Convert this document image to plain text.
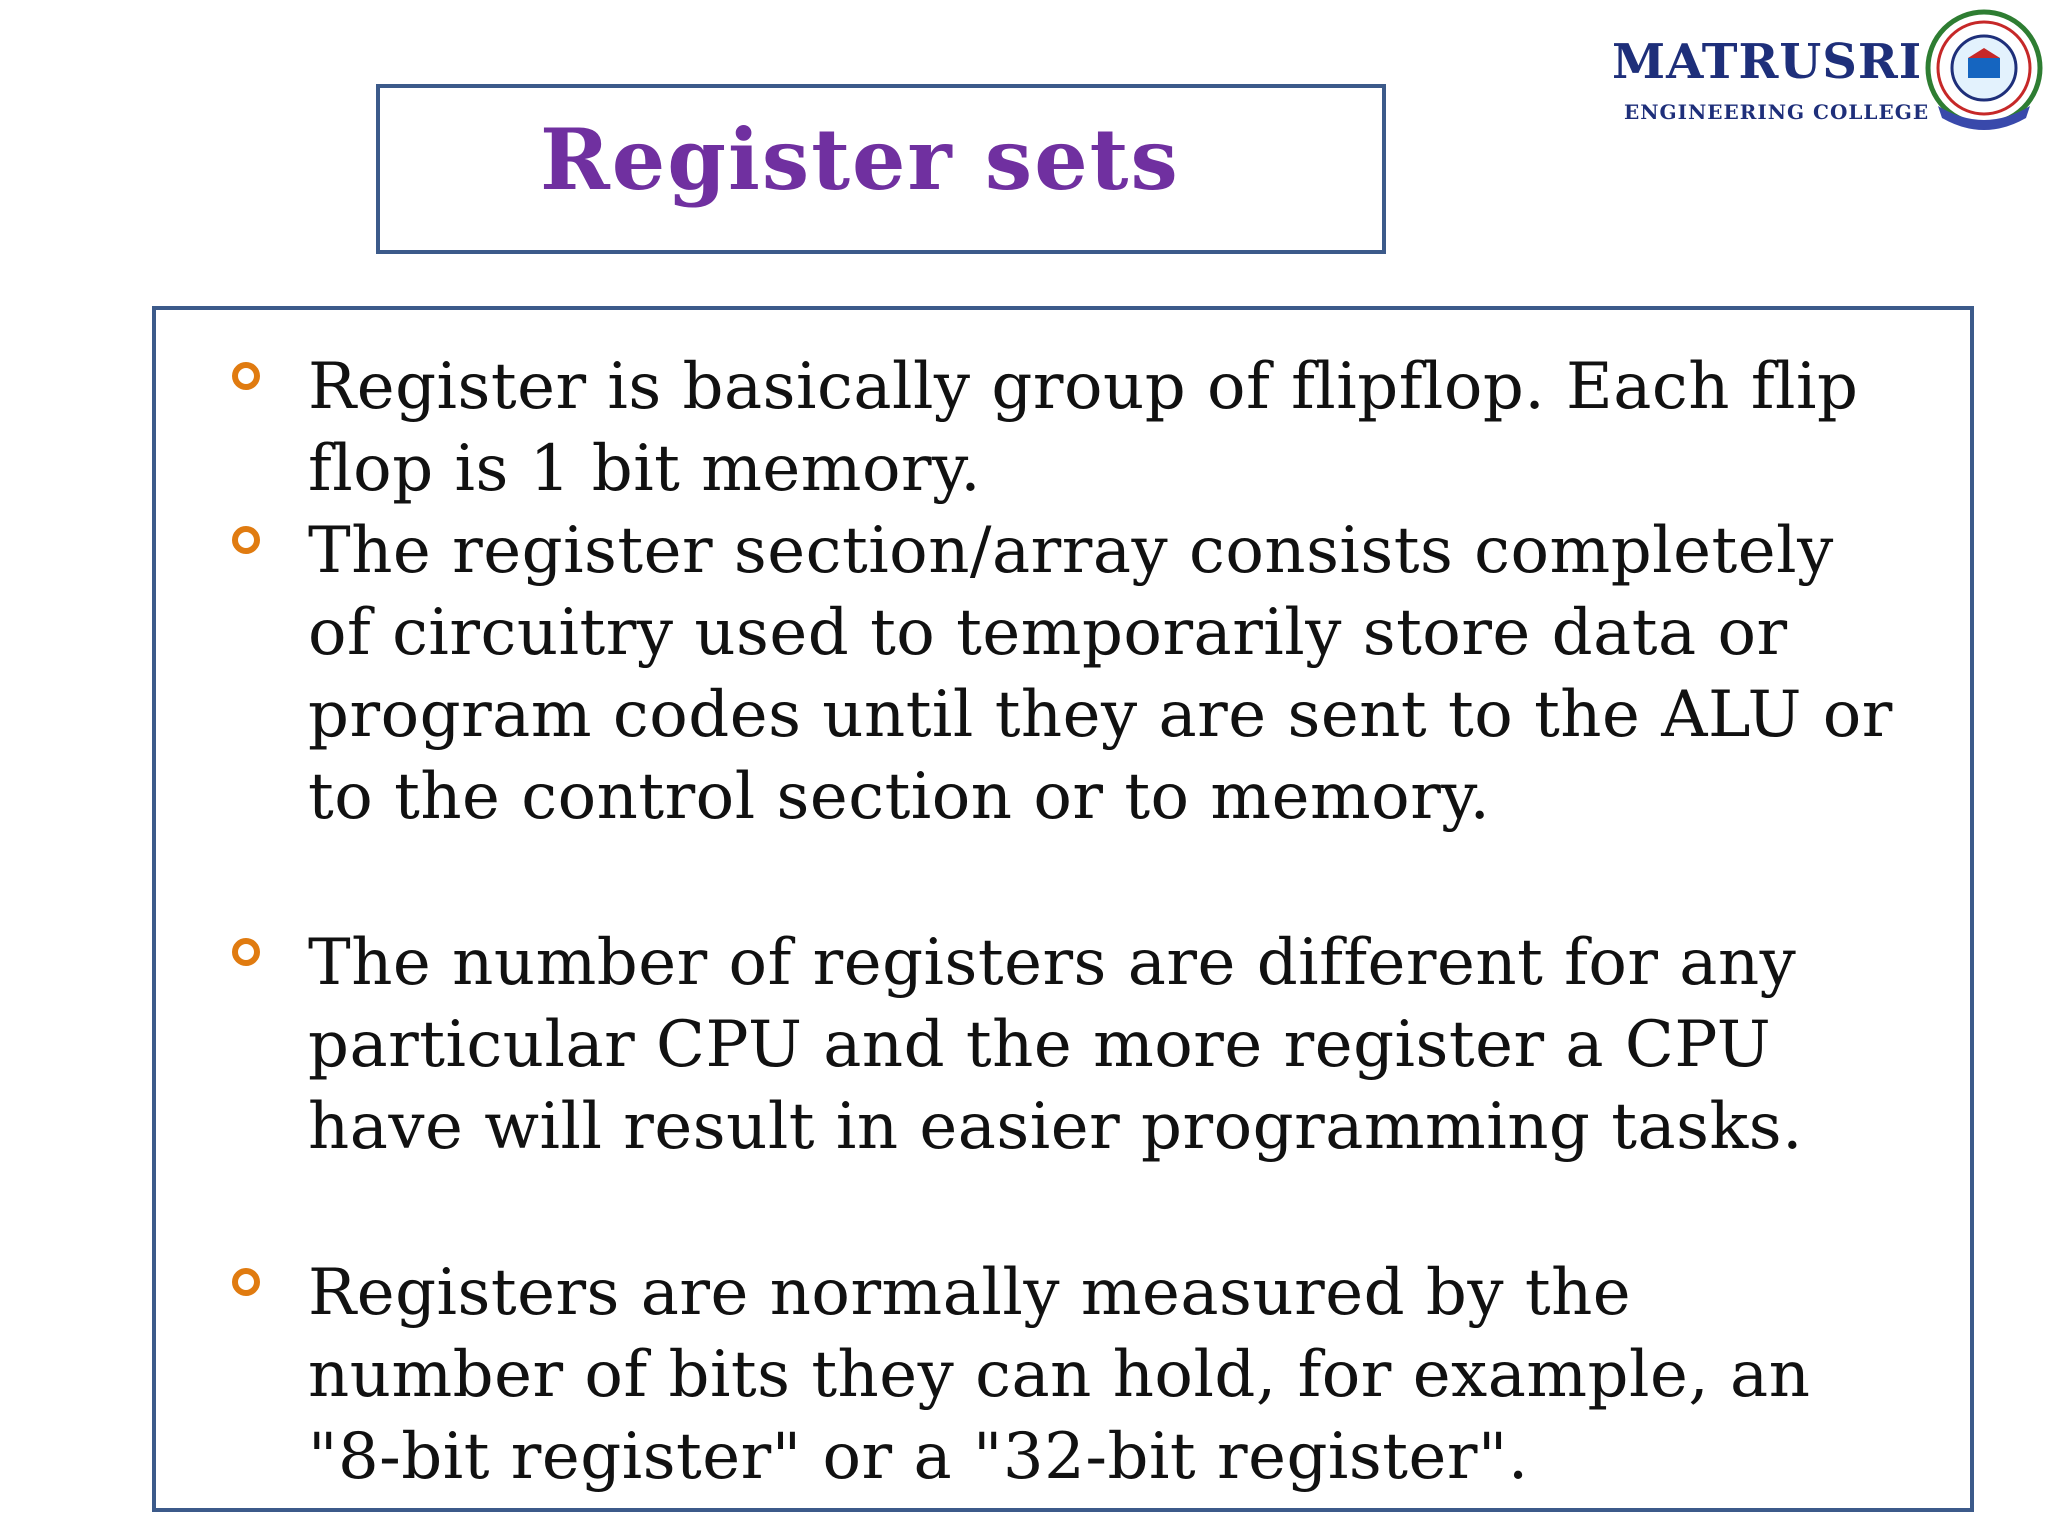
MATRUSRI
ENGINEERING COLLEGE
Register sets
Register is basically group of flipflop. Each flip flop is 1 bit memory.
The register section/array consists completely of circuitry used to temporarily store data or program codes until they are sent to the ALU or to the control section or to memory.
The number of registers are different for any particular CPU and the more register a CPU have will result in easier programming tasks.
Registers are normally measured by the number of bits they can hold, for example, an "8-bit register" or a "32-bit register".
